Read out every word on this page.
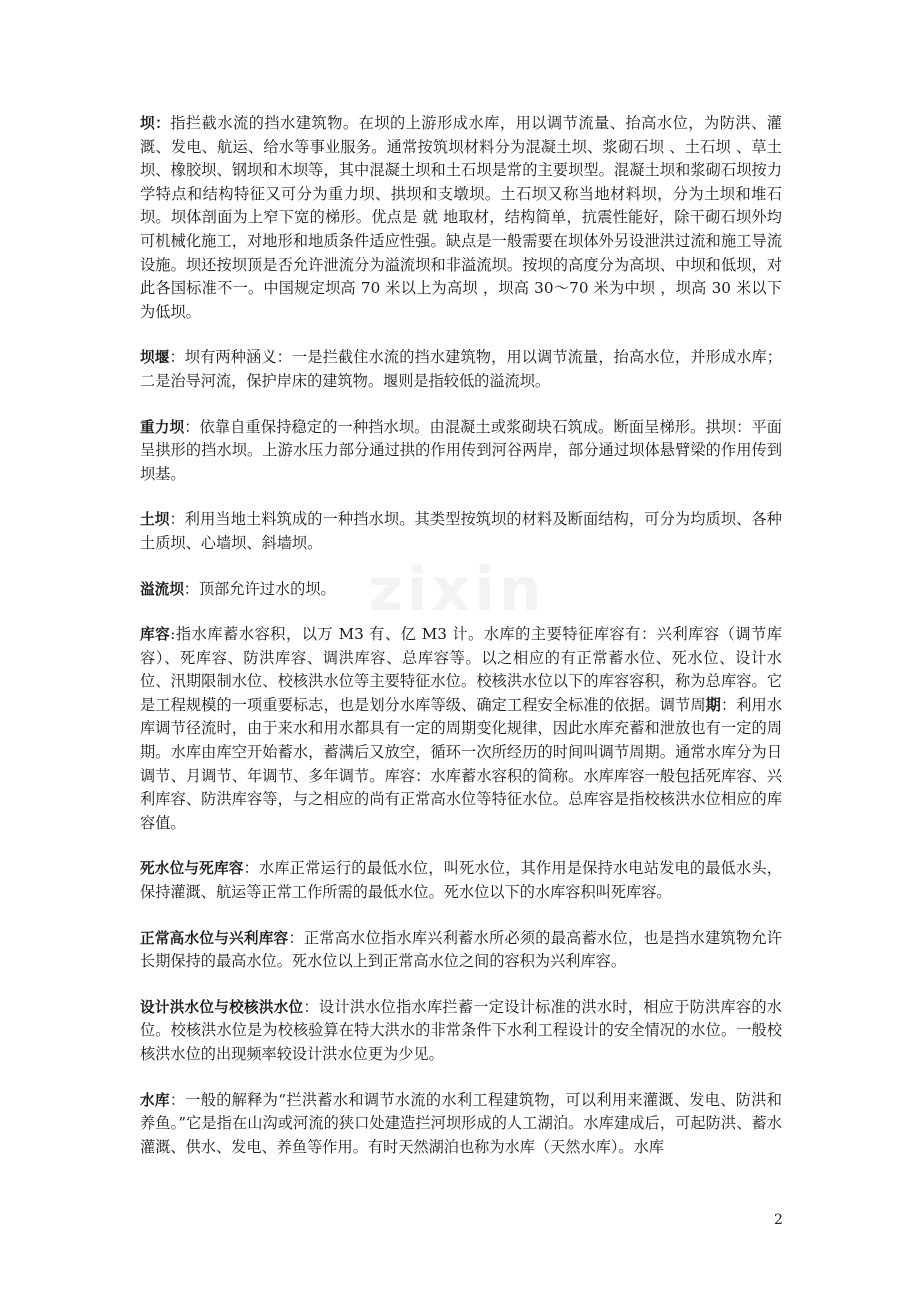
坝：指拦截水流的挡水建筑物。在坝的上游形成水库，用以调节流量、抬高水位，为防洪、灌溉、发电、航运、给水等事业服务。通常按筑坝材料分为混凝土坝、浆砌石坝 、土石坝 、草土坝、橡胶坝、钢坝和木坝等，其中混凝土坝和土石坝是常的主要坝型。混凝土坝和浆砌石坝按力学特点和结构特征又可分为重力坝、拱坝和支墩坝。土石坝又称当地材料坝，分为土坝和堆石坝。坝体剖面为上窄下宽的梯形。优点是 就 地取材，结构简单，抗震性能好，除干砌石坝外均可机械化施工，对地形和地质条件适应性强。缺点是一般需要在坝体外另设泄洪过流和施工导流设施。坝还按坝顶是否允许泄流分为溢流坝和非溢流坝。按坝的高度分为高坝、中坝和低坝，对此各国标准不一。中国规定坝高 70 米以上为高坝 ，坝高 30～70 米为中坝 ，坝高 30 米以下为低坝。

坝堰：坝有两种涵义：一是拦截住水流的挡水建筑物，用以调节流量，抬高水位，并形成水库；二是治导河流，保护岸床的建筑物。堰则是指较低的溢流坝。

重力坝：依靠自重保持稳定的一种挡水坝。由混凝土或浆砌块石筑成。断面呈梯形。拱坝：平面呈拱形的挡水坝。上游水压力部分通过拱的作用传到河谷两岸，部分通过坝体悬臂梁的作用传到坝基。

土坝：利用当地土料筑成的一种挡水坝。其类型按筑坝的材料及断面结构，可分为均质坝、各种土质坝、心墙坝、斜墙坝。

溢流坝：顶部允许过水的坝。

库容:指水库蓄水容积，以万 M3 有、亿 M3 计。水库的主要特征库容有：兴利库容（调节库容）、死库容、防洪库容、调洪库容、总库容等。以之相应的有正常蓄水位、死水位、设计水位、汛期限制水位、校核洪水位等主要特征水位。校核洪水位以下的库容容积，称为总库容。它是工程规模的一项重要标志，也是划分水库等级、确定工程安全标准的依据。调节周期：利用水库调节径流时，由于来水和用水都具有一定的周期变化规律，因此水库充蓄和泄放也有一定的周期。水库由库空开始蓄水，蓄满后又放空，循环一次所经历的时间叫调节周期。通常水库分为日调节、月调节、年调节、多年调节。库容：水库蓄水容积的简称。水库库容一般包括死库容、兴利库容、防洪库容等，与之相应的尚有正常高水位等特征水位。总库容是指校核洪水位相应的库容值。

死水位与死库容：水库正常运行的最低水位，叫死水位，其作用是保持水电站发电的最低水头，保持灌溉、航运等正常工作所需的最低水位。死水位以下的水库容积叫死库容。

正常高水位与兴利库容：正常高水位指水库兴利蓄水所必须的最高蓄水位，也是挡水建筑物允许长期保持的最高水位。死水位以上到正常高水位之间的容积为兴利库容。

设计洪水位与校核洪水位：设计洪水位指水库拦蓄一定设计标准的洪水时，相应于防洪库容的水位。校核洪水位是为校核验算在特大洪水的非常条件下水利工程设计的安全情况的水位。一般校核洪水位的出现频率较设计洪水位更为少见。

水库：一般的解释为“拦洪蓄水和调节水流的水利工程建筑物，可以利用来灌溉、发电、防洪和养鱼。”它是指在山沟或河流的狭口处建造拦河坝形成的人工湖泊。水库建成后，可起防洪、蓄水灌溉、供水、发电、养鱼等作用。有时天然湖泊也称为水库（天然水库）。水库

2
